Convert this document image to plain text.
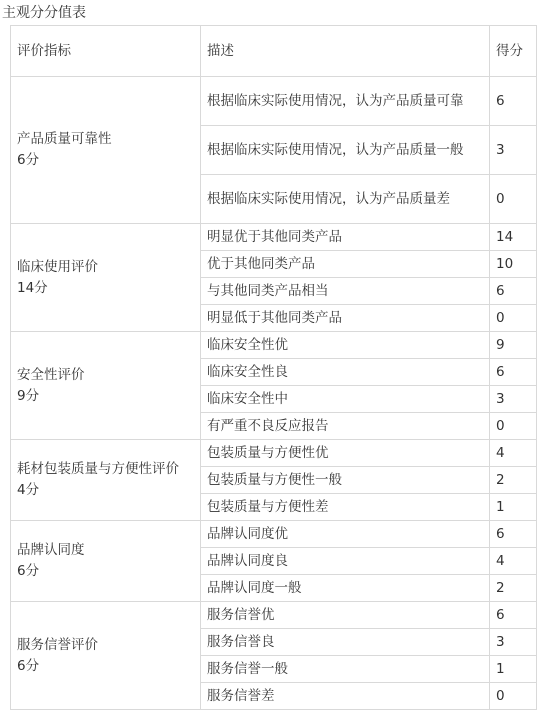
主观分分值表
评价指标	描述	得分

产品质量可靠性
6分	根据临床实际使用情况，认为产品质量可靠	6
	根据临床实际使用情况，认为产品质量一般	3
	根据临床实际使用情况，认为产品质量差	0

临床使用评价
14分	明显优于其他同类产品	14
	优于其他同类产品	10
	与其他同类产品相当	6
	明显低于其他同类产品	0

安全性评价
9分	临床安全性优	9
	临床安全性良	6
	临床安全性中	3
	有严重不良反应报告	0

耗材包装质量与方便性评价
4分	包装质量与方便性优	4
	包装质量与方便性一般	2
	包装质量与方便性差	1

品牌认同度
6分	品牌认同度优	6
	品牌认同度良	4
	品牌认同度一般	2

服务信誉评价
6分	服务信誉优	6
	服务信誉良	3
	服务信誉一般	1
	服务信誉差	0
